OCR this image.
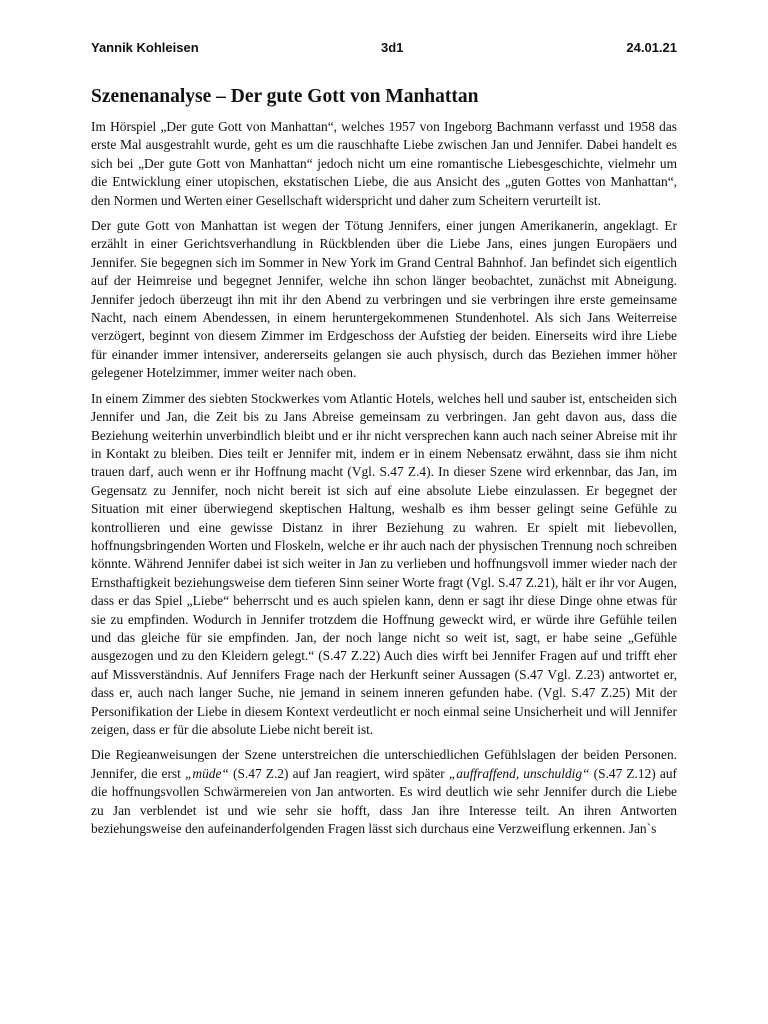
Yannik Kohleisen	3d1	24.01.21
Szenenanalyse – Der gute Gott von Manhattan

Im Hörspiel „Der gute Gott von Manhattan“, welches 1957 von Ingeborg Bachmann verfasst und 1958 das erste Mal ausgestrahlt wurde, geht es um die rauschhafte Liebe zwischen Jan und Jennifer. Dabei handelt es sich bei „Der gute Gott von Manhattan“ jedoch nicht um eine romantische Liebesgeschichte, vielmehr um die Entwicklung einer utopischen, ekstatischen Liebe, die aus Ansicht des „guten Gottes von Manhattan“, den Normen und Werten einer Gesellschaft widerspricht und daher zum Scheitern verurteilt ist.

Der gute Gott von Manhattan ist wegen der Tötung Jennifers, einer jungen Amerikanerin, angeklagt. Er erzählt in einer Gerichtsverhandlung in Rückblenden über die Liebe Jans, eines jungen Europäers und Jennifer. Sie begegnen sich im Sommer in New York im Grand Central Bahnhof. Jan befindet sich eigentlich auf der Heimreise und begegnet Jennifer, welche ihn schon länger beobachtet, zunächst mit Abneigung. Jennifer jedoch überzeugt ihn mit ihr den Abend zu verbringen und sie verbringen ihre erste gemeinsame Nacht, nach einem Abendessen, in einem heruntergekommenen Stundenhotel. Als sich Jans Weiterreise verzögert, beginnt von diesem Zimmer im Erdgeschoss der Aufstieg der beiden. Einerseits wird ihre Liebe für einander immer intensiver, andererseits gelangen sie auch physisch, durch das Beziehen immer höher gelegener Hotelzimmer, immer weiter nach oben.

In einem Zimmer des siebten Stockwerkes vom Atlantic Hotels, welches hell und sauber ist, entscheiden sich Jennifer und Jan, die Zeit bis zu Jans Abreise gemeinsam zu verbringen. Jan geht davon aus, dass die Beziehung weiterhin unverbindlich bleibt und er ihr nicht versprechen kann auch nach seiner Abreise mit ihr in Kontakt zu bleiben. Dies teilt er Jennifer mit, indem er in einem Nebensatz erwähnt, dass sie ihm nicht trauen darf, auch wenn er ihr Hoffnung macht (Vgl. S.47 Z.4). In dieser Szene wird erkennbar, das Jan, im Gegensatz zu Jennifer, noch nicht bereit ist sich auf eine absolute Liebe einzulassen. Er begegnet der Situation mit einer überwiegend skeptischen Haltung, weshalb es ihm besser gelingt seine Gefühle zu kontrollieren und eine gewisse Distanz in ihrer Beziehung zu wahren. Er spielt mit liebevollen, hoffnungsbringenden Worten und Floskeln, welche er ihr auch nach der physischen Trennung noch schreiben könnte. Während Jennifer dabei ist sich weiter in Jan zu verlieben und hoffnungsvoll immer wieder nach der Ernsthaftigkeit beziehungsweise dem tieferen Sinn seiner Worte fragt (Vgl. S.47 Z.21), hält er ihr vor Augen, dass er das Spiel „Liebe“ beherrscht und es auch spielen kann, denn er sagt ihr diese Dinge ohne etwas für sie zu empfinden. Wodurch in Jennifer trotzdem die Hoffnung geweckt wird, er würde ihre Gefühle teilen und das gleiche für sie empfinden. Jan, der noch lange nicht so weit ist, sagt, er habe seine „Gefühle ausgezogen und zu den Kleidern gelegt.“ (S.47 Z.22) Auch dies wirft bei Jennifer Fragen auf und trifft eher auf Missverständnis. Auf Jennifers Frage nach der Herkunft seiner Aussagen (S.47 Vgl. Z.23) antwortet er, dass er, auch nach langer Suche, nie jemand in seinem inneren gefunden habe. (Vgl. S.47 Z.25) Mit der Personifikation der Liebe in diesem Kontext verdeutlicht er noch einmal seine Unsicherheit und will Jennifer zeigen, dass er für die absolute Liebe nicht bereit ist.

Die Regieanweisungen der Szene unterstreichen die unterschiedlichen Gefühlslagen der beiden Personen. Jennifer, die erst „müde“ (S.47 Z.2) auf Jan reagiert, wird später „auffraffend, unschuldig“ (S.47 Z.12) auf die hoffnungsvollen Schwärmereien von Jan antworten. Es wird deutlich wie sehr Jennifer durch die Liebe zu Jan verblendet ist und wie sehr sie hofft, dass Jan ihre Interesse teilt. An ihren Antworten beziehungsweise den aufeinanderfolgenden Fragen lässt sich durchaus eine Verzweiflung erkennen. Jan`s
